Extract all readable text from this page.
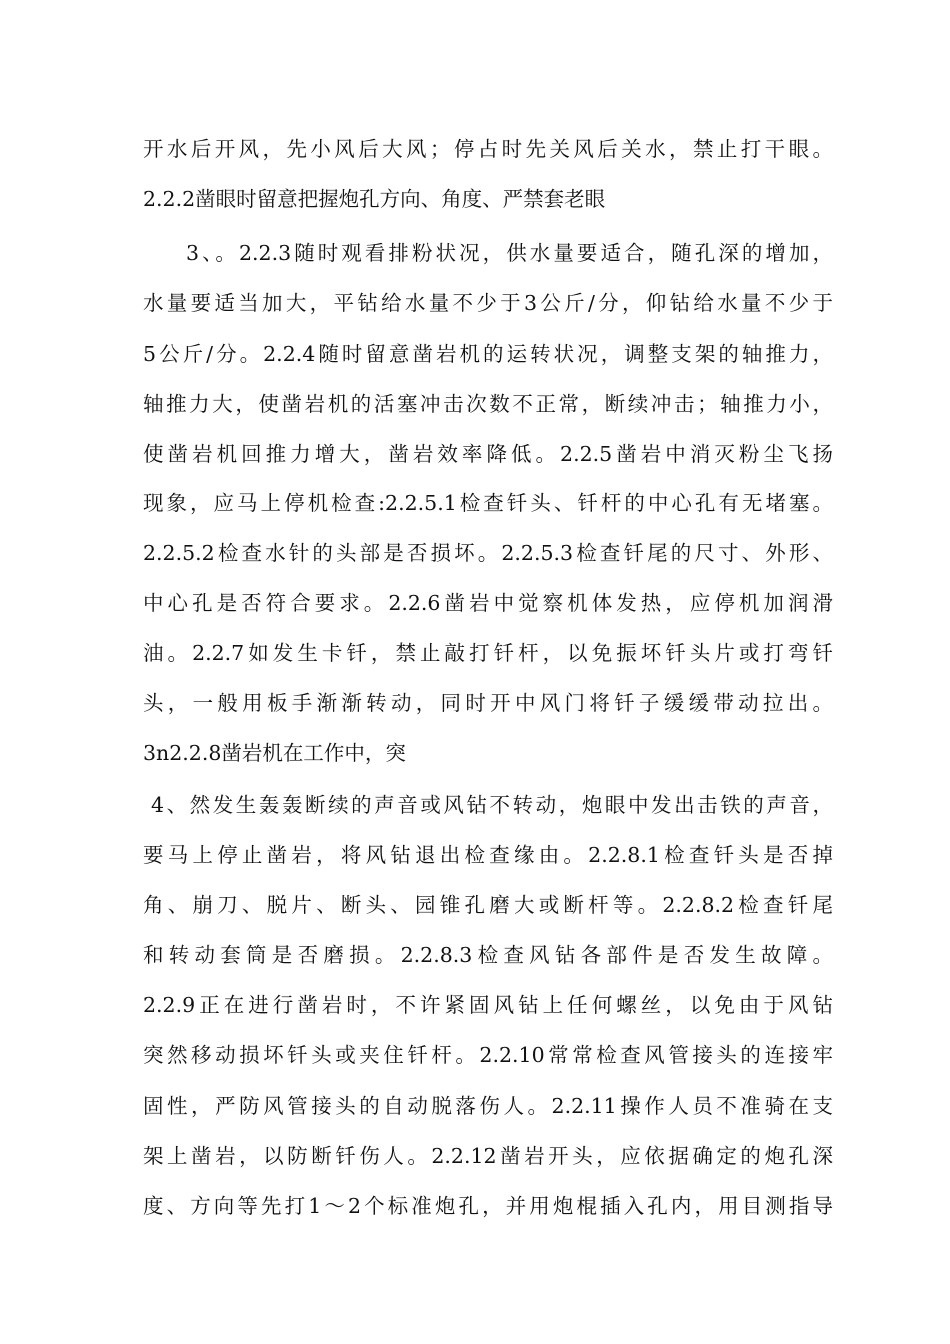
开水后开风，先小风后大风；停占时先关风后关水，禁止打干眼。
2.2.2凿眼时留意把握炮孔方向、角度、严禁套老眼
3、。2.2.3随时观看排粉状况，供水量要适合，随孔深的增加，
水量要适当加大，平钻给水量不少于3公斤/分，仰钻给水量不少于
5公斤/分。2.2.4随时留意凿岩机的运转状况，调整支架的轴推力，
轴推力大，使凿岩机的活塞冲击次数不正常，断续冲击；轴推力小，
使凿岩机回推力增大，凿岩效率降低。2.2.5凿岩中消灭粉尘飞扬
现象，应马上停机检查:2.2.5.1检查钎头、钎杆的中心孔有无堵塞。
2.2.5.2检查水针的头部是否损坏。2.2.5.3检查钎尾的尺寸、外形、
中心孔是否符合要求。2.2.6凿岩中觉察机体发热，应停机加润滑
油。2.2.7如发生卡钎，禁止敲打钎杆，以免振坏钎头片或打弯钎
头，一般用板手渐渐转动，同时开中风门将钎子缓缓带动拉出。
3n2.2.8凿岩机在工作中，突
4、然发生轰轰断续的声音或风钻不转动，炮眼中发出击铁的声音，
要马上停止凿岩，将风钻退出检查缘由。2.2.8.1检查钎头是否掉
角、崩刀、脱片、断头、园锥孔磨大或断杆等。2.2.8.2检查钎尾
和转动套筒是否磨损。2.2.8.3检查风钻各部件是否发生故障。
2.2.9正在进行凿岩时，不许紧固风钻上任何螺丝，以免由于风钻
突然移动损坏钎头或夹住钎杆。2.2.10常常检查风管接头的连接牢
固性，严防风管接头的自动脱落伤人。2.2.11操作人员不准骑在支
架上凿岩，以防断钎伤人。2.2.12凿岩开头，应依据确定的炮孔深
度、方向等先打1～2个标准炮孔，并用炮棍插入孔内，用目测指导
